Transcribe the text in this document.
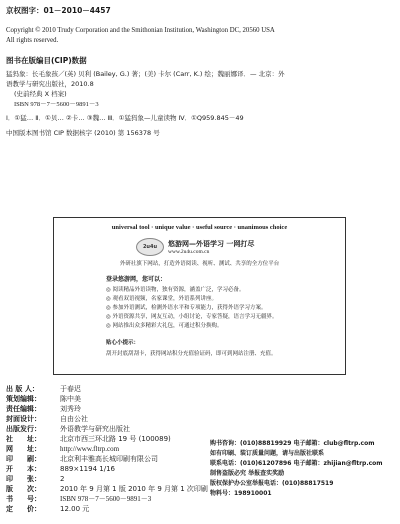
京权图字：01－2010－4457
Copyright © 2010 Trudy Corporation and the Smithonian Institution, Washington DC, 20560 USA
All rights reserved.
图书在版编目(CIP)数据
猛犸象：长毛象孩／(英) 贝利 (Bailey, G.) 著；(美) 卡尔 (Carr, K.) 绘；魏丽娜译．— 北京：外
语教学与研究出版社，2010.8
(史前经典 X 档案)
ISBN 978－7－5600－9891－3
Ⅰ．①猛… Ⅱ．①贝… ②卡… ③魏… Ⅲ．①猛犸象—儿童读物 Ⅳ．①Q959.845－49
中国版本图书馆 CIP 数据核字 (2010) 第 156378 号
universal tool · unique value · useful source · unanimous choice
2u4u	悠游网—外语学习 一网打尽
www.2u4u.com.cn
外研社旗下网站，打造外语阅读、视听、测试、共享的全方位平台
登录悠游网，您可以：
◎ 阅读精品外语读物，独有资源，涵盖广泛，学习必备。
◎ 观看双语视频，名家课堂，外语系列讲座。
◎ 参加外语测试，检测外语水平和专项能力，获得外语学习方案。
◎ 外语资源共享，网友互动，小组讨论，专家答疑，语言学习无疆界。
◎ 网站推出众多精彩大礼包，可通过积分换购。
贴心小提示：
刮开封底刮刮卡，获得网站积分充值验证码，即可到网站注册、充值。
出 版 人：	于春迟
策划编辑：	陈中美
责任编辑：	刘秀玲
封面设计：	自由公社
出版发行：	外语教学与研究出版社
社　　址：	北京市西三环北路 19 号 (100089)
网　　址：	http://www.fltrp.com
印　　刷：	北京利丰雅高长城印刷有限公司
开　　本：	889×1194 1/16
印　　张：	2
版　　次：	2010 年 9 月第 1 版 2010 年 9 月第 1 次印刷
书　　号：	ISBN 978－7－5600－9891－3
定　　价：	12.00 元
购书咨询：(010)88819929 电子邮箱：club@fltrp.com
如有印刷、装订质量问题，请与出版社联系
联系电话：(010)61207896 电子邮箱：zhijian@fltrp.com
制售盗版必究 举报查实奖励
版权保护办公室举报电话：(010)88817519
物料号：198910001
